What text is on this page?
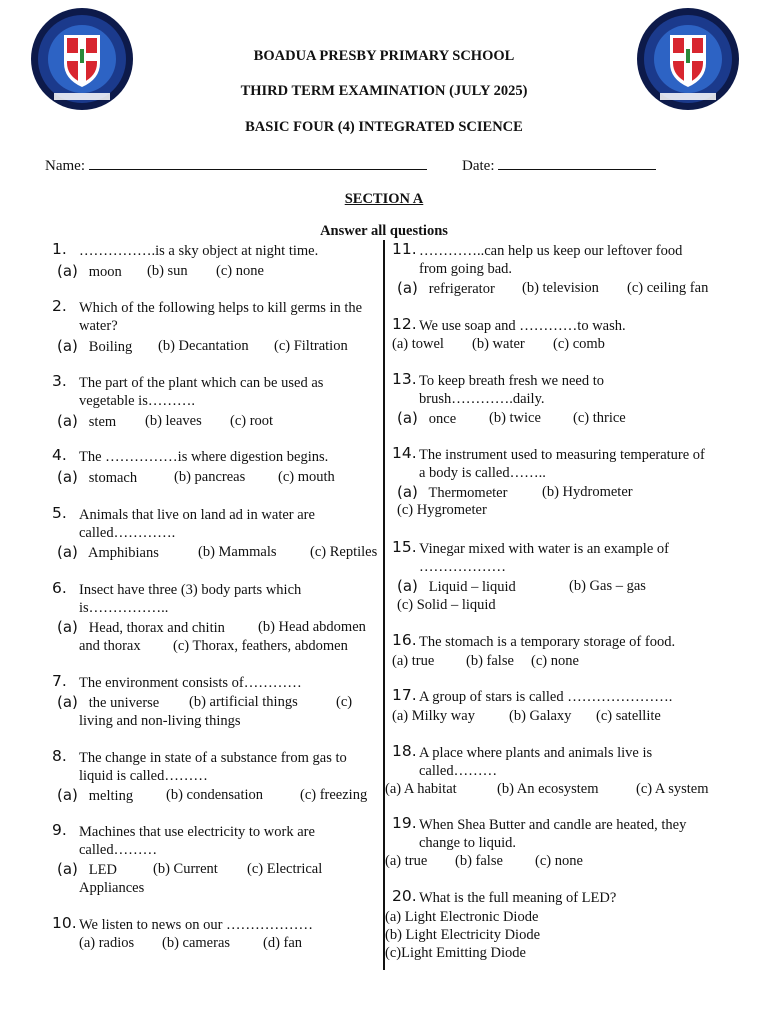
BOADUA PRESBY PRIMARY SCHOOL
THIRD TERM EXAMINATION (JULY 2025)
BASIC FOUR (4) INTEGRATED SCIENCE
Name:	Date:
SECTION A
Answer all questions
1. …………….is a sky object at night time.
(a) moon (b) sun (c) none
2. Which of the following helps to kill germs in the
water?
(a) Boiling (b) Decantation (c) Filtration
3. The part of the plant which can be used as
vegetable is……….
(a) stem (b) leaves (c) root
4. The ……………is where digestion begins.
(a) stomach	(b) pancreas (c) mouth
5. Animals that live on land ad in water are
called………….
(a) Amphibians	(b) Mammals (c) Reptiles
6. Insect have three (3) body parts which
is……………..
(a) Head, thorax and chitin (b) Head abdomen
and thorax (c) Thorax, feathers, abdomen
7. The environment consists of…………
(a) the universe (b) artificial things	(c)
living and non-living things
8. The change in state of a substance from gas to
liquid is called………
(a) melting (b) condensation	(c) freezing
9. Machines that use electricity to work are
called………
(a) LED (b) Current (c) Electrical
Appliances
10. We listen to news on our ………………
(a) radios (b) cameras (d) fan
11. …………..can help us keep our leftover food
from going bad.
(a) refrigerator (b) television (c) ceiling fan
12. We use soap and …………to wash.
(a) towel (b) water (c) comb
13. To keep breath fresh we need to
brush………….daily.
(a) once (b) twice (c) thrice
14. The instrument used to measuring temperature of
a body is called……..
(a) Thermometer (b) Hydrometer
(c) Hygrometer
15. Vinegar mixed with water is an example of
………………
(a) Liquid – liquid	(b) Gas – gas
(c) Solid – liquid
16. The stomach is a temporary storage of food.
(a) true (b) false (c) none
17. A group of stars is called ………………….
(a) Milky way (b) Galaxy (c) satellite
18. A place where plants and animals live is
called………
(a) A habitat	(b) An ecosystem	(c) A system
19. When Shea Butter and candle are heated, they
change to liquid.
(a) true (b) false (c) none
20. What is the full meaning of LED?
(a) Light Electronic Diode
(b) Light Electricity Diode
(c)Light Emitting Diode
